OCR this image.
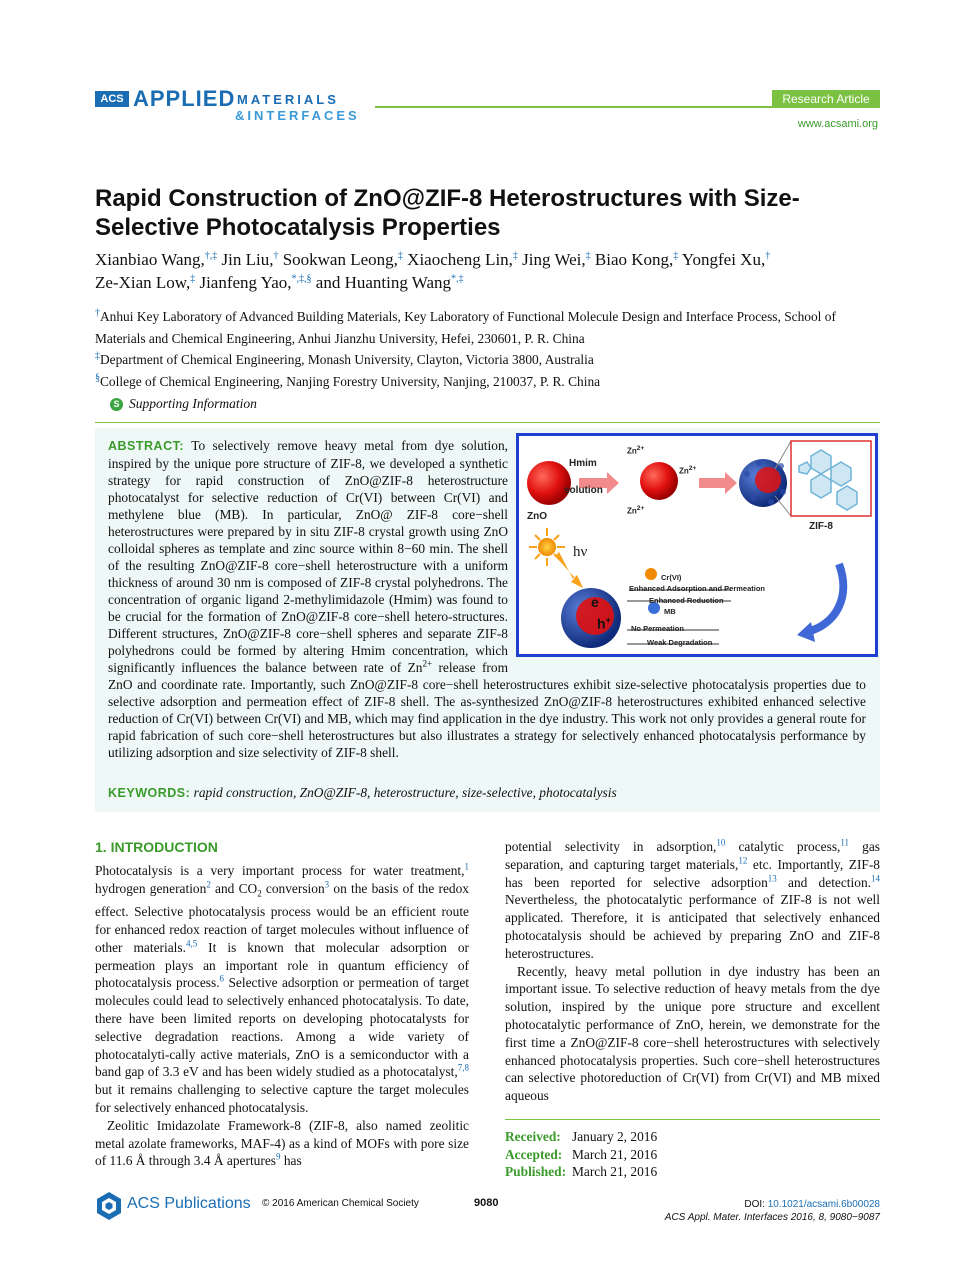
ACS APPLIED MATERIALS
&INTERFACES
Research Article
www.acsami.org
Rapid Construction of ZnO@ZIF-8 Heterostructures with Size-Selective Photocatalysis Properties
Xianbiao Wang,†,‡ Jin Liu,† Sookwan Leong,‡ Xiaocheng Lin,‡ Jing Wei,‡ Biao Kong,‡ Yongfei Xu,†
Ze-Xian Low,‡ Jianfeng Yao,*,‡,§ and Huanting Wang*,‡
†Anhui Key Laboratory of Advanced Building Materials, Key Laboratory of Functional Molecule Design and Interface Process, School of Materials and Chemical Engineering, Anhui Jianzhu University, Hefei, 230601, P. R. China
‡Department of Chemical Engineering, Monash University, Clayton, Victoria 3800, Australia
§College of Chemical Engineering, Nanjing Forestry University, Nanjing, 210037, P. R. China
S Supporting Information
Hmim
solution
ZnO
$Zn^{2+}$
$Zn^{2+}$
$Zn^{2+}$
ZIF-8
hν
e
h+
Cr(VI)
Enhanced Adsorption and Permeation
Enhanced Reduction
MB
No Permeation
Weak Degradation
ABSTRACT: To selectively remove heavy metal from dye solution, inspired by the unique pore structure of ZIF-8, we developed a synthetic strategy for rapid construction of ZnO@ZIF-8 heterostructure photocatalyst for selective reduction of Cr(VI) between Cr(VI) and methylene blue (MB). In particular, ZnO@ ZIF-8 core−shell heterostructures were prepared by in situ ZIF-8 crystal growth using ZnO colloidal spheres as template and zinc source within 8−60 min. The shell of the resulting ZnO@ZIF-8 core−shell heterostructure with a uniform thickness of around 30 nm is composed of ZIF-8 crystal polyhedrons. The concentration of organic ligand 2-methylimidazole (Hmim) was found to be crucial for the formation of ZnO@ZIF-8 core−shell hetero-structures. Different structures, ZnO@ZIF-8 core−shell spheres and separate ZIF-8 polyhedrons could be formed by altering Hmim concentration, which significantly influences the balance between rate of Zn$^{2+}$ release from ZnO and coordinate rate. Importantly, such ZnO@ZIF-8 core−shell heterostructures exhibit size-selective photocatalysis properties due to selective adsorption and permeation effect of ZIF-8 shell. The as-synthesized ZnO@ZIF-8 heterostructures exhibited enhanced selective reduction of Cr(VI) between Cr(VI) and MB, which may find application in the dye industry. This work not only provides a general route for rapid fabrication of such core−shell heterostructures but also illustrates a strategy for selectively enhanced photocatalysis performance by utilizing adsorption and size selectivity of ZIF-8 shell.
KEYWORDS: rapid construction, ZnO@ZIF-8, heterostructure, size-selective, photocatalysis
1. INTRODUCTION

Photocatalysis is a very important process for water treatment,$^1$ hydrogen generation$^2$ and $CO_2$ conversion$^3$ on the basis of the redox effect. Selective photocatalysis process would be an efficient route for enhanced redox reaction of target molecules without influence of other materials.$^{4,5}$ It is known that molecular adsorption or permeation plays an important role in quantum efficiency of photocatalysis process.$^6$ Selective adsorption or permeation of target molecules could lead to selectively enhanced photocatalysis. To date, there have been limited reports on developing photocatalysts for selective degradation reactions. Among a wide variety of photocatalyti-cally active materials, ZnO is a semiconductor with a band gap of 3.3 eV and has been widely studied as a photocatalyst,$^{7,8}$ but it remains challenging to selective capture the target molecules for selectively enhanced photocatalysis.

Zeolitic Imidazolate Framework-8 (ZIF-8, also named zeolitic metal azolate frameworks, MAF-4) as a kind of MOFs with pore size of 11.6 Å through 3.4 Å apertures$^9$ has

potential selectivity in adsorption,$^{10}$ catalytic process,$^{11}$ gas separation, and capturing target materials,$^{12}$ etc. Importantly, ZIF-8 has been reported for selective adsorption$^{13}$ and detection.$^{14}$ Nevertheless, the photocatalytic performance of ZIF-8 is not well applicated. Therefore, it is anticipated that selectively enhanced photocatalysis should be achieved by preparing ZnO and ZIF-8 heterostructures.

Recently, heavy metal pollution in dye industry has been an important issue. To selective reduction of heavy metals from the dye solution, inspired by the unique pore structure and excellent photocatalytic performance of ZnO, herein, we demonstrate for the first time a ZnO@ZIF-8 core−shell heterostructures with selectively enhanced photocatalysis properties. Such core−shell heterostructures can selective photoreduction of Cr(VI) from Cr(VI) and MB mixed aqueous

Received: January 2, 2016
Accepted: March 21, 2016
Published: March 21, 2016
ACS Publications © 2016 American Chemical Society	9080	DOI: 10.1021/acsami.6b00028
ACS Appl. Mater. Interfaces 2016, 8, 9080−9087
